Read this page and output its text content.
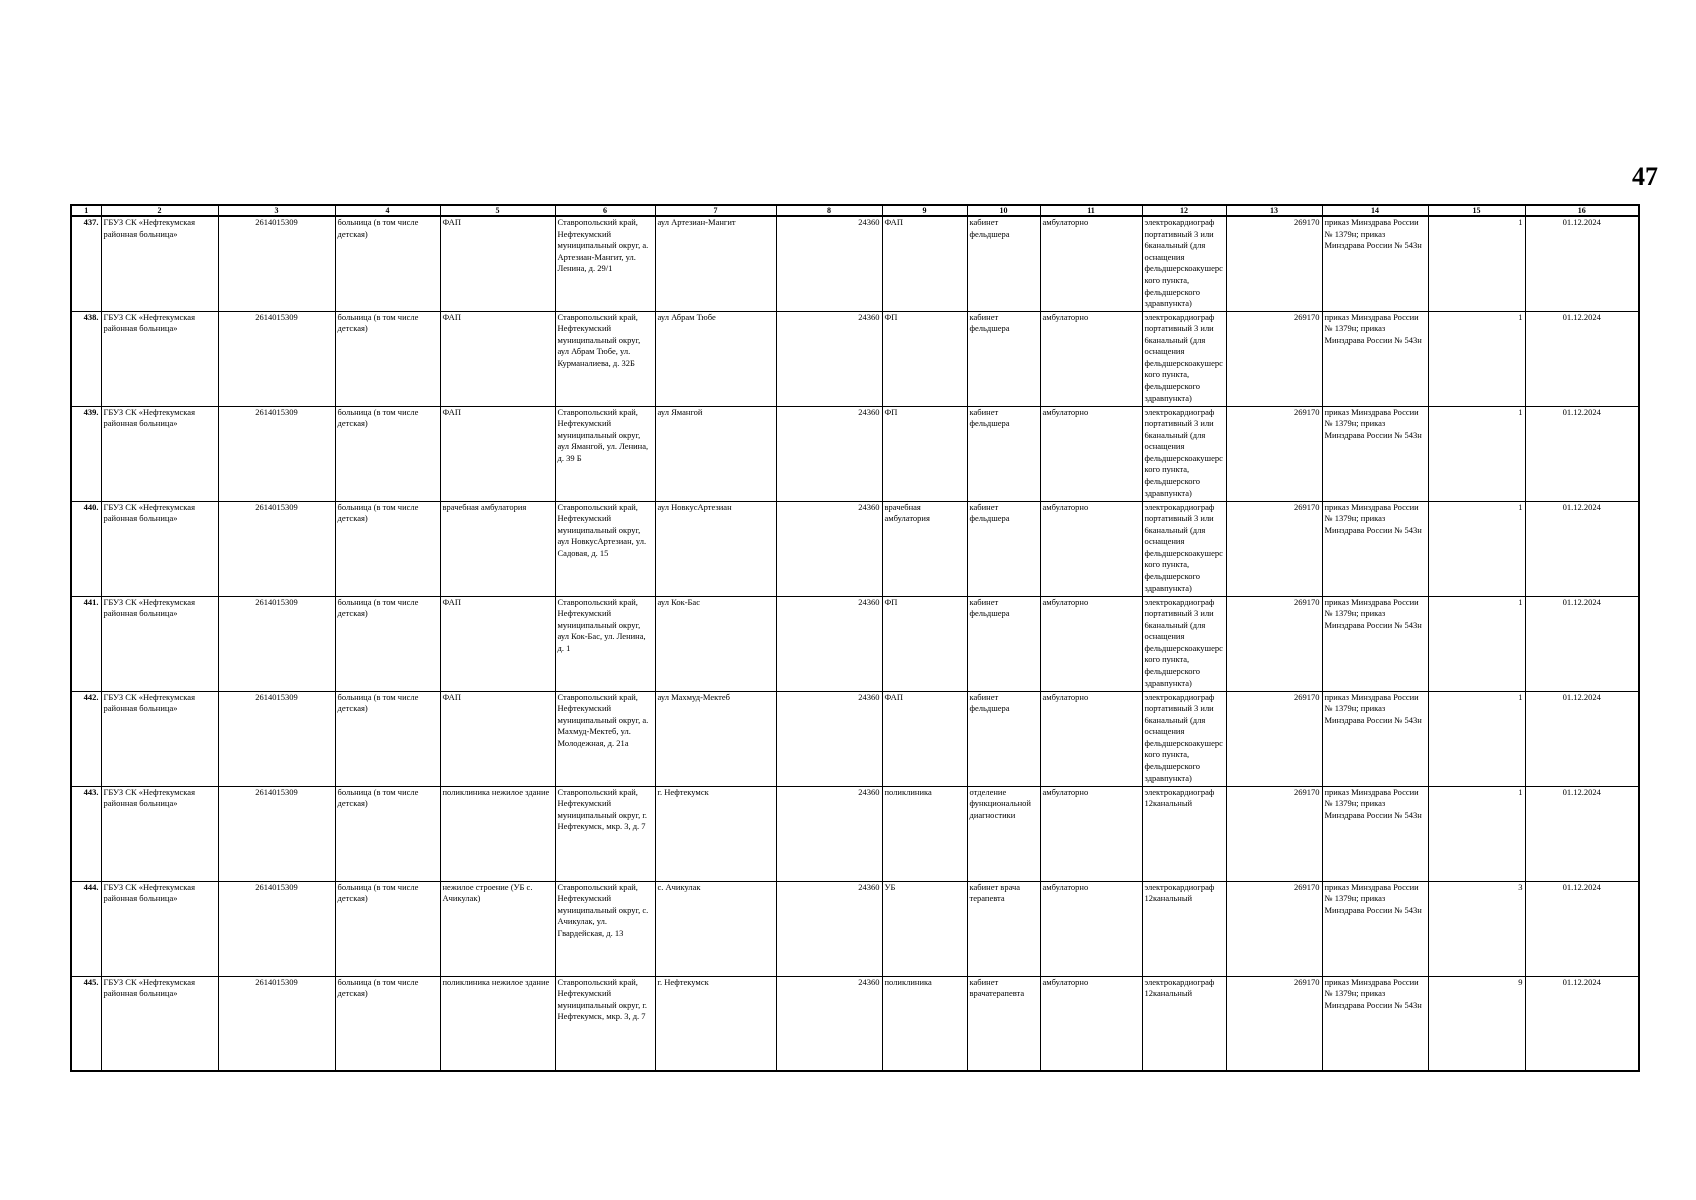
47
1	2	3	4	5	6	7	8	9	10	11	12	13	14	15	16
437.	ГБУЗ СК «Нефтекумская районная больница»	2614015309	больница (в том числе детская)	ФАП	Ставропольский край, Нефтекумский муниципальный округ, а. Артезиан-Мангит, ул. Ленина, д. 29/1	аул Артезиан-Мангит	24360	ФАП	кабинет фельдшера	амбулаторно	электрокардиограф портативный 3 или 6канальный (для оснащения фельдшерскоакушерского пункта, фельдшерского здравпункта)	269170	приказ Минздрава России № 1379н; приказ Минздрава России № 543н	1	01.12.2024
438.	ГБУЗ СК «Нефтекумская районная больница»	2614015309	больница (в том числе детская)	ФАП	Ставропольский край, Нефтекумский муниципальный округ, аул Абрам Тюбе, ул. Курманалиева, д. 32Б	аул Абрам Тюбе	24360	ФП	кабинет фельдшера	амбулаторно	электрокардиограф портативный 3 или 6канальный (для оснащения фельдшерскоакушерского пункта, фельдшерского здравпункта)	269170	приказ Минздрава России № 1379н; приказ Минздрава России № 543н	1	01.12.2024
439.	ГБУЗ СК «Нефтекумская районная больница»	2614015309	больница (в том числе детская)	ФАП	Ставропольский край, Нефтекумский муниципальный округ, аул Ямангой, ул. Ленина, д. 39 Б	аул Ямангой	24360	ФП	кабинет фельдшера	амбулаторно	электрокардиограф портативный 3 или 6канальный (для оснащения фельдшерскоакушерского пункта, фельдшерского здравпункта)	269170	приказ Минздрава России № 1379н; приказ Минздрава России № 543н	1	01.12.2024
440.	ГБУЗ СК «Нефтекумская районная больница»	2614015309	больница (в том числе детская)	врачебная амбулатория	Ставропольский край, Нефтекумский муниципальный округ, аул НовкусАртезиан, ул. Садовая, д. 15	аул НовкусАртезиан	24360	врачебная амбулатория	кабинет фельдшера	амбулаторно	электрокардиограф портативный 3 или 6канальный (для оснащения фельдшерскоакушерского пункта, фельдшерского здравпункта)	269170	приказ Минздрава России № 1379н; приказ Минздрава России № 543н	1	01.12.2024
441.	ГБУЗ СК «Нефтекумская районная больница»	2614015309	больница (в том числе детская)	ФАП	Ставропольский край, Нефтекумский муниципальный округ, аул Кок-Бас, ул. Ленина, д. 1	аул Кок-Бас	24360	ФП	кабинет фельдшера	амбулаторно	электрокардиограф портативный 3 или 6канальный (для оснащения фельдшерскоакушерского пункта, фельдшерского здравпункта)	269170	приказ Минздрава России № 1379н; приказ Минздрава России № 543н	1	01.12.2024
442.	ГБУЗ СК «Нефтекумская районная больница»	2614015309	больница (в том числе детская)	ФАП	Ставропольский край, Нефтекумский муниципальный округ, а. Махмуд-Мектеб, ул. Молодежная, д. 21а	аул Махмуд-Мектеб	24360	ФАП	кабинет фельдшера	амбулаторно	электрокардиограф портативный 3 или 6канальный (для оснащения фельдшерскоакушерского пункта, фельдшерского здравпункта)	269170	приказ Минздрава России № 1379н; приказ Минздрава России № 543н	1	01.12.2024
443.	ГБУЗ СК «Нефтекумская районная больница»	2614015309	больница (в том числе детская)	поликлиника нежилое здание	Ставропольский край, Нефтекумский муниципальный округ, г. Нефтекумск, мкр. 3, д. 7	г. Нефтекумск	24360	поликлиника	отделение функциональной диагностики	амбулаторно	электрокардиограф 12канальный	269170	приказ Минздрава России № 1379н; приказ Минздрава России № 543н	1	01.12.2024
444.	ГБУЗ СК «Нефтекумская районная больница»	2614015309	больница (в том числе детская)	нежилое строение (УБ с. Ачикулак)	Ставропольский край, Нефтекумский муниципальный округ, с. Ачикулак, ул. Гвардейская, д. 13	с. Ачикулак	24360	УБ	кабинет врача терапевта	амбулаторно	электрокардиограф 12канальный	269170	приказ Минздрава России № 1379н; приказ Минздрава России № 543н	3	01.12.2024
445.	ГБУЗ СК «Нефтекумская районная больница»	2614015309	больница (в том числе детская)	поликлиника нежилое здание	Ставропольский край, Нефтекумский муниципальный округ, г. Нефтекумск, мкр. 3, д. 7	г. Нефтекумск	24360	поликлиника	кабинет врачатерапевта	амбулаторно	электрокардиограф 12канальный	269170	приказ Минздрава России № 1379н; приказ Минздрава России № 543н	9	01.12.2024
